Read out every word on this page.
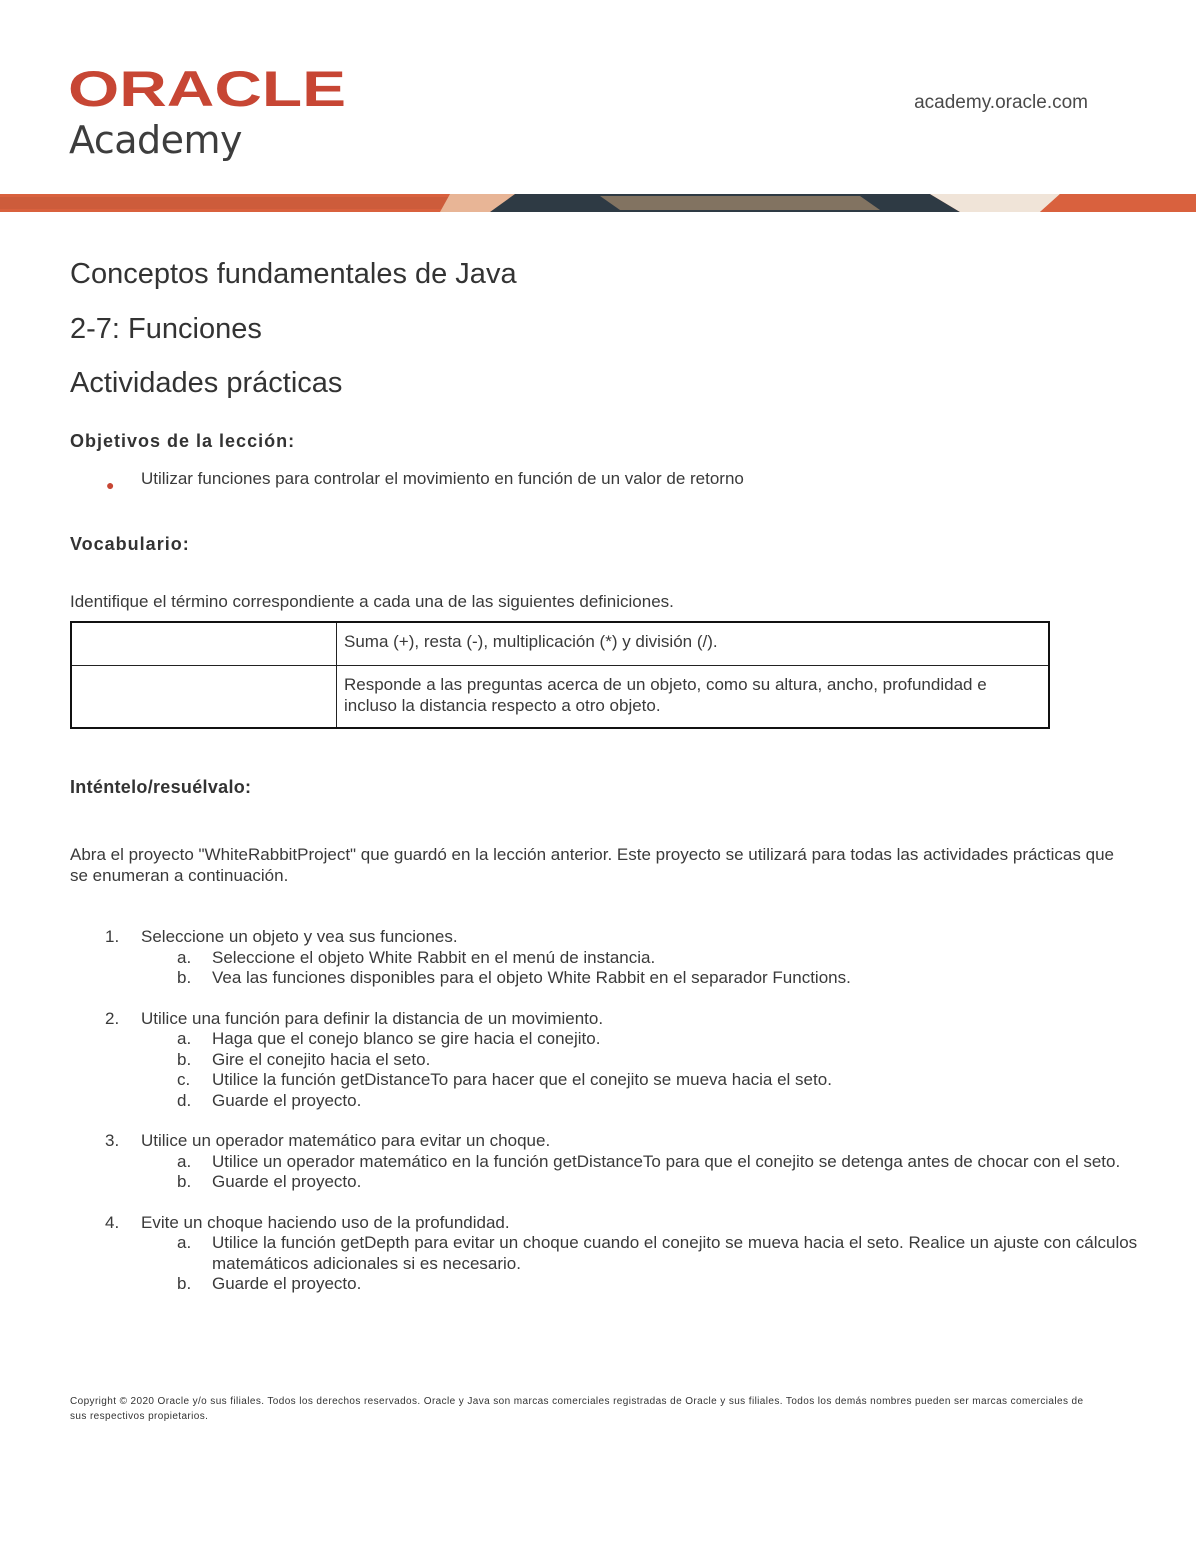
ORACLE
Academy
academy.oracle.com
Conceptos fundamentales de Java
2-7: Funciones
Actividades prácticas
Objetivos de la lección:
● Utilizar funciones para controlar el movimiento en función de un valor de retorno
Vocabulario:
Identifique el término correspondiente a cada una de las siguientes definiciones.
	Suma (+), resta (-), multiplicación (*) y división (/).
	Responde a las preguntas acerca de un objeto, como su altura, ancho, profundidad e incluso la distancia respecto a otro objeto.
Inténtelo/resuélvalo:
Abra el proyecto "WhiteRabbitProject" que guardó en la lección anterior. Este proyecto se utilizará para todas las actividades prácticas que se enumeran a continuación.
1. Seleccione un objeto y vea sus funciones.
a. Seleccione el objeto White Rabbit en el menú de instancia.
b. Vea las funciones disponibles para el objeto White Rabbit en el separador Functions.
2. Utilice una función para definir la distancia de un movimiento.
a. Haga que el conejo blanco se gire hacia el conejito.
b. Gire el conejito hacia el seto.
c. Utilice la función getDistanceTo para hacer que el conejito se mueva hacia el seto.
d. Guarde el proyecto.
3. Utilice un operador matemático para evitar un choque.
a. Utilice un operador matemático en la función getDistanceTo para que el conejito se detenga antes de chocar con el seto.
b. Guarde el proyecto.
4. Evite un choque haciendo uso de la profundidad.
a. Utilice la función getDepth para evitar un choque cuando el conejito se mueva hacia el seto. Realice un ajuste con cálculos matemáticos adicionales si es necesario.
b. Guarde el proyecto.
Copyright © 2020 Oracle y/o sus filiales. Todos los derechos reservados. Oracle y Java son marcas comerciales registradas de Oracle y sus filiales. Todos los demás nombres pueden ser marcas comerciales de sus respectivos propietarios.
